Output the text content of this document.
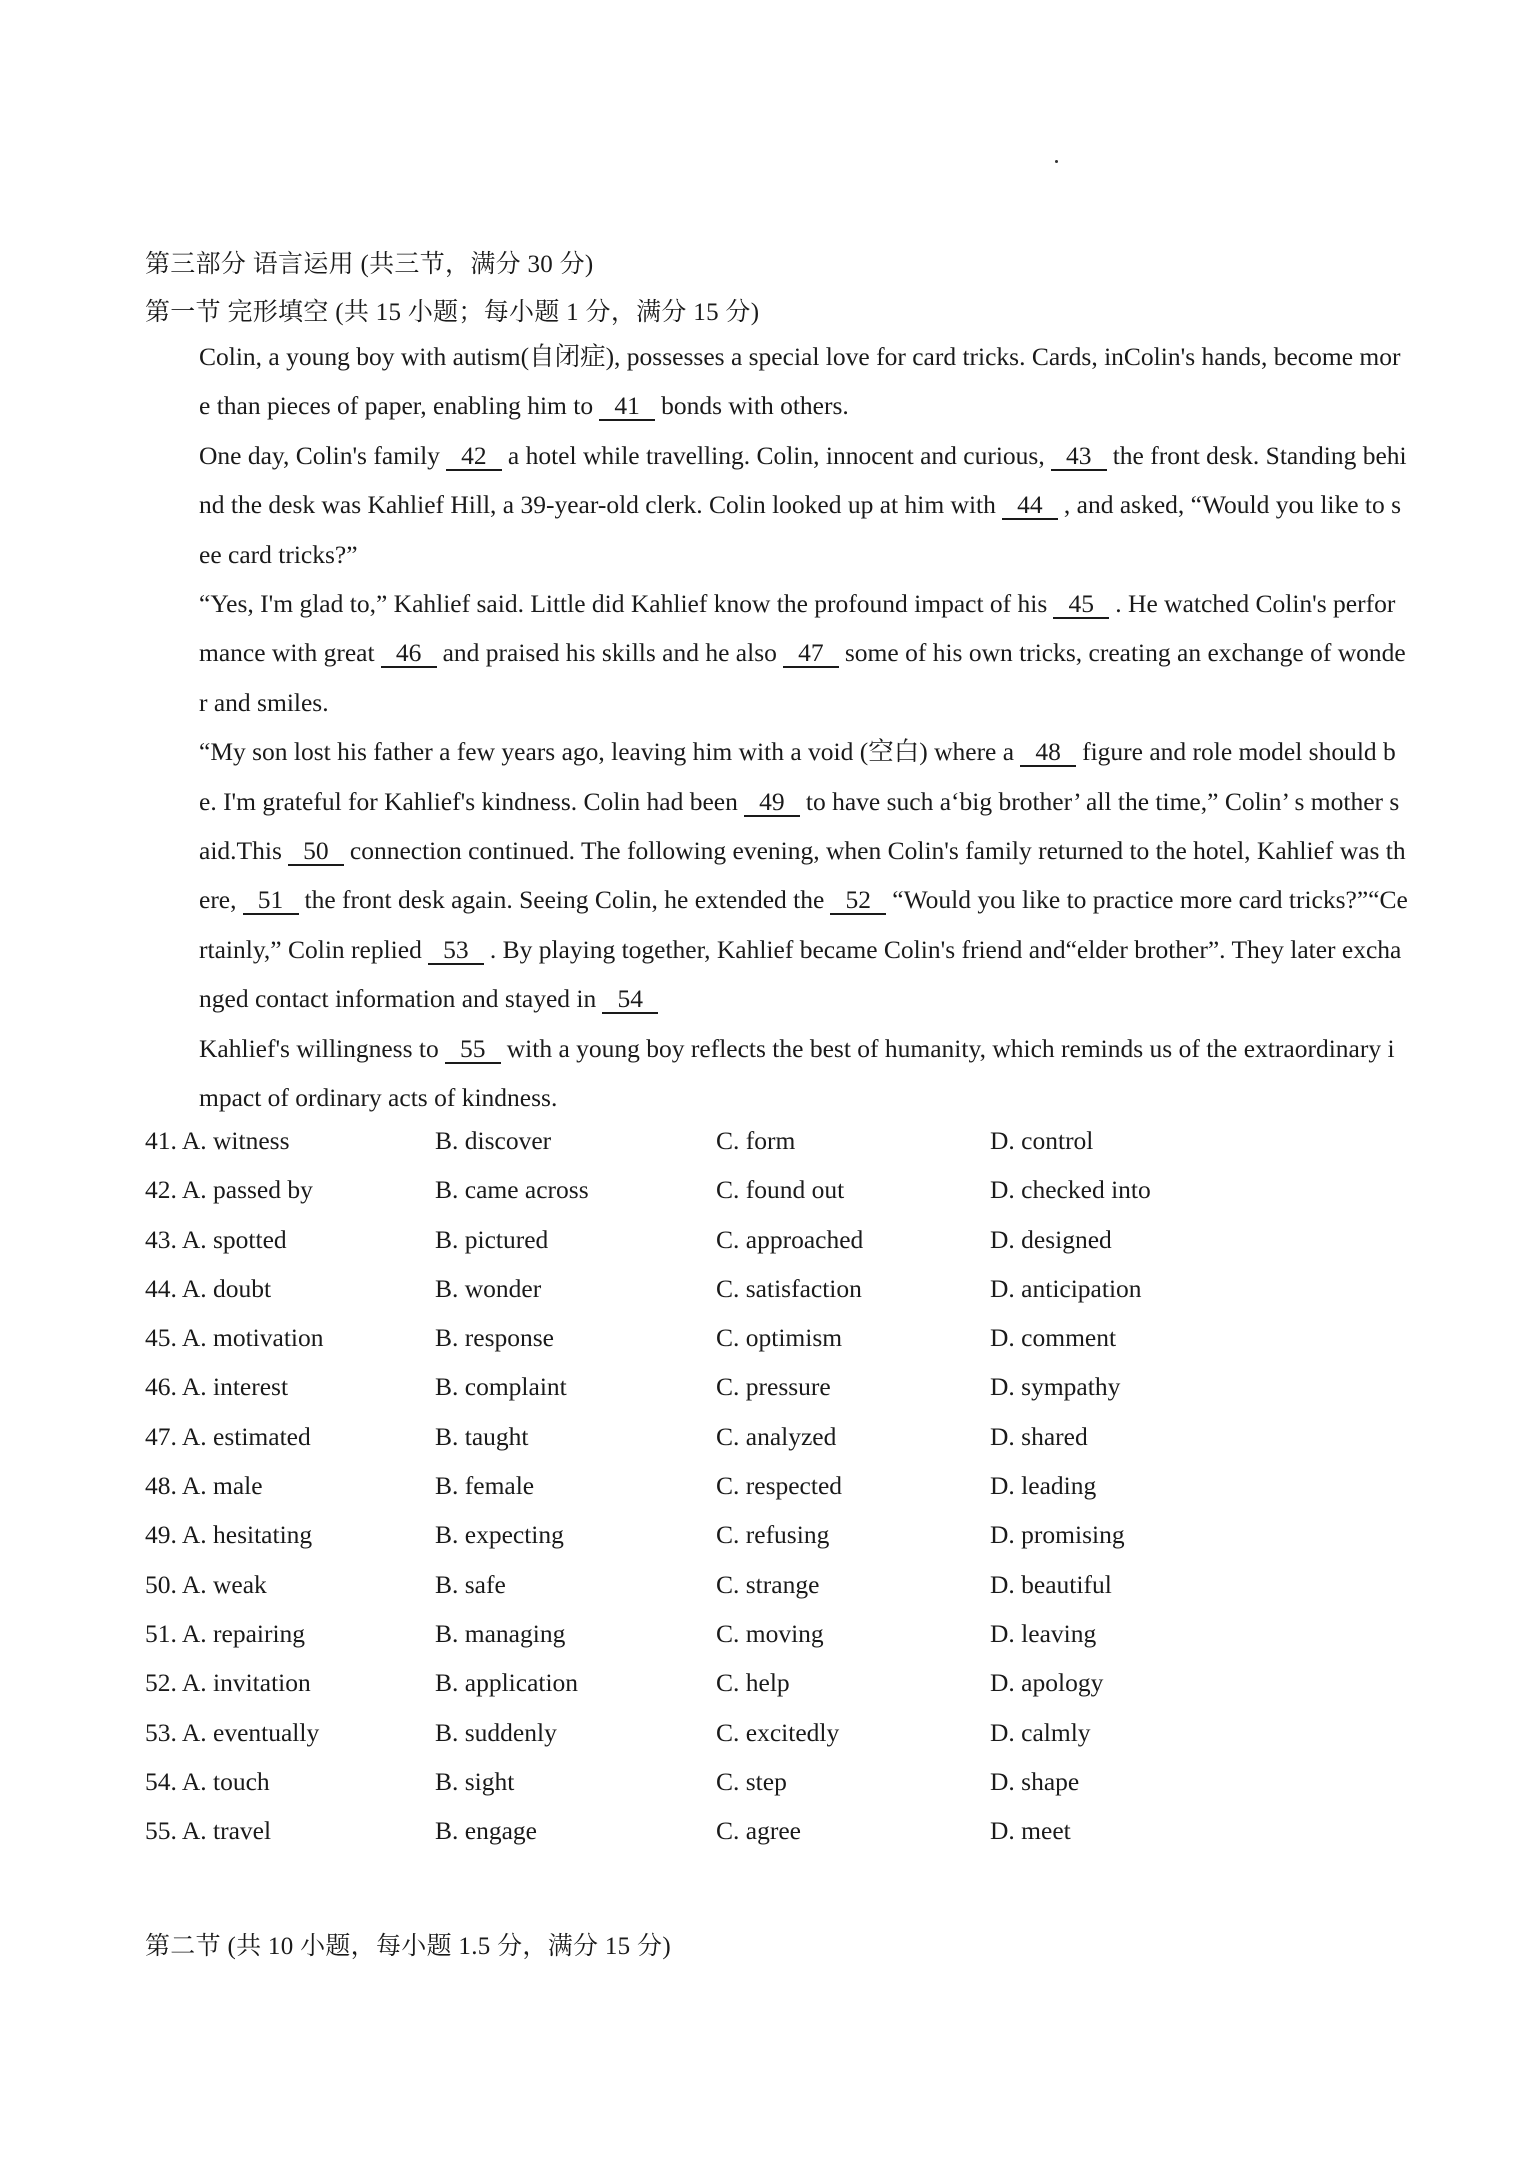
第三部分 语言运用 (共三节，满分 30 分)
第一节 完形填空 (共 15 小题；每小题 1 分，满分 15 分)

Colin, a young boy with autism(自闭症), possesses a special love for card tricks. Cards, inColin's hands, become more than pieces of paper, enabling him to 41 bonds with others.

One day, Colin's family 42 a hotel while travelling. Colin, innocent and curious, 43 the front desk. Standing behind the desk was Kahlief Hill, a 39-year-old clerk. Colin looked up at him with 44 , and asked, “Would you like to see card tricks?”

“Yes, I'm glad to,” Kahlief said. Little did Kahlief know the profound impact of his 45 . He watched Colin's performance with great 46 and praised his skills and he also 47 some of his own tricks, creating an exchange of wonder and smiles.

“My son lost his father a few years ago, leaving him with a void (空白) where a 48 figure and role model should be. I'm grateful for Kahlief's kindness. Colin had been 49 to have such a‘big brother’ all the time,” Colin’ s mother said.This 50 connection continued. The following evening, when Colin's family returned to the hotel, Kahlief was there, 51 the front desk again. Seeing Colin, he extended the 52 “Would you like to practice more card tricks?”“Certainly,” Colin replied 53 . By playing together, Kahlief became Colin's friend and“elder brother”. They later exchanged contact information and stayed in 54

Kahlief's willingness to 55 with a young boy reflects the best of humanity, which reminds us of the extraordinary impact of ordinary acts of kindness.

41. A. witness	B. discover	C. form	D. control
42. A. passed by	B. came across	C. found out	D. checked into
43. A. spotted	B. pictured	C. approached	D. designed
44. A. doubt	B. wonder	C. satisfaction	D. anticipation
45. A. motivation	B. response	C. optimism	D. comment
46. A. interest	B. complaint	C. pressure	D. sympathy
47. A. estimated	B. taught	C. analyzed	D. shared
48. A. male	B. female	C. respected	D. leading
49. A. hesitating	B. expecting	C. refusing	D. promising
50. A. weak	B. safe	C. strange	D. beautiful
51. A. repairing	B. managing	C. moving	D. leaving
52. A. invitation	B. application	C. help	D. apology
53. A. eventually	B. suddenly	C. excitedly	D. calmly
54. A. touch	B. sight	C. step	D. shape
55. A. travel	B. engage	C. agree	D. meet
第二节 (共 10 小题，每小题 1.5 分，满分 15 分)
